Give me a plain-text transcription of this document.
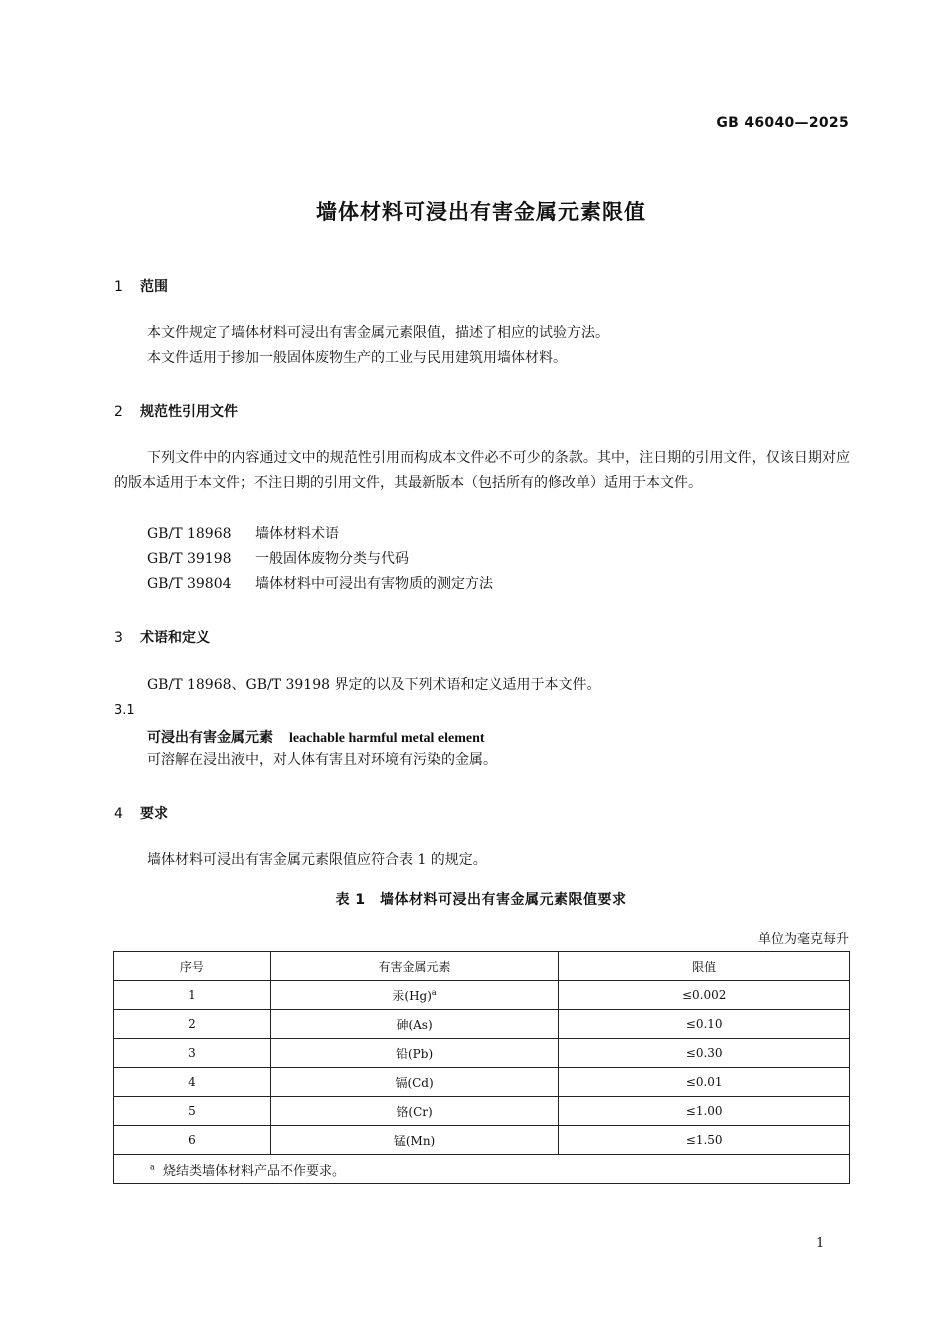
GB 46040—2025
墙体材料可浸出有害金属元素限值
1 范围
本文件规定了墙体材料可浸出有害金属元素限值，描述了相应的试验方法。
本文件适用于掺加一般固体废物生产的工业与民用建筑用墙体材料。
2 规范性引用文件
下列文件中的内容通过文中的规范性引用而构成本文件必不可少的条款。其中，注日期的引用文件，仅该日期对应的版本适用于本文件；不注日期的引用文件，其最新版本（包括所有的修改单）适用于本文件。
GB/T 18968 墙体材料术语
GB/T 39198 一般固体废物分类与代码
GB/T 39804 墙体材料中可浸出有害物质的测定方法
3 术语和定义
GB/T 18968、GB/T 39198 界定的以及下列术语和定义适用于本文件。
3.1
可浸出有害金属元素 leachable harmful metal element
可溶解在浸出液中，对人体有害且对环境有污染的金属。
4 要求
墙体材料可浸出有害金属元素限值应符合表 1 的规定。
表 1　墙体材料可浸出有害金属元素限值要求
单位为毫克每升
序号	有害金属元素	限值
1	汞$(Hg)^a$	≤0.002
2	砷(As)	≤0.10
3	铅(Pb)	≤0.30
4	镉(Cd)	≤0.01
5	铬(Cr)	≤1.00
6	锰(Mn)	≤1.50
$^a$ 烧结类墙体材料产品不作要求。		
1
